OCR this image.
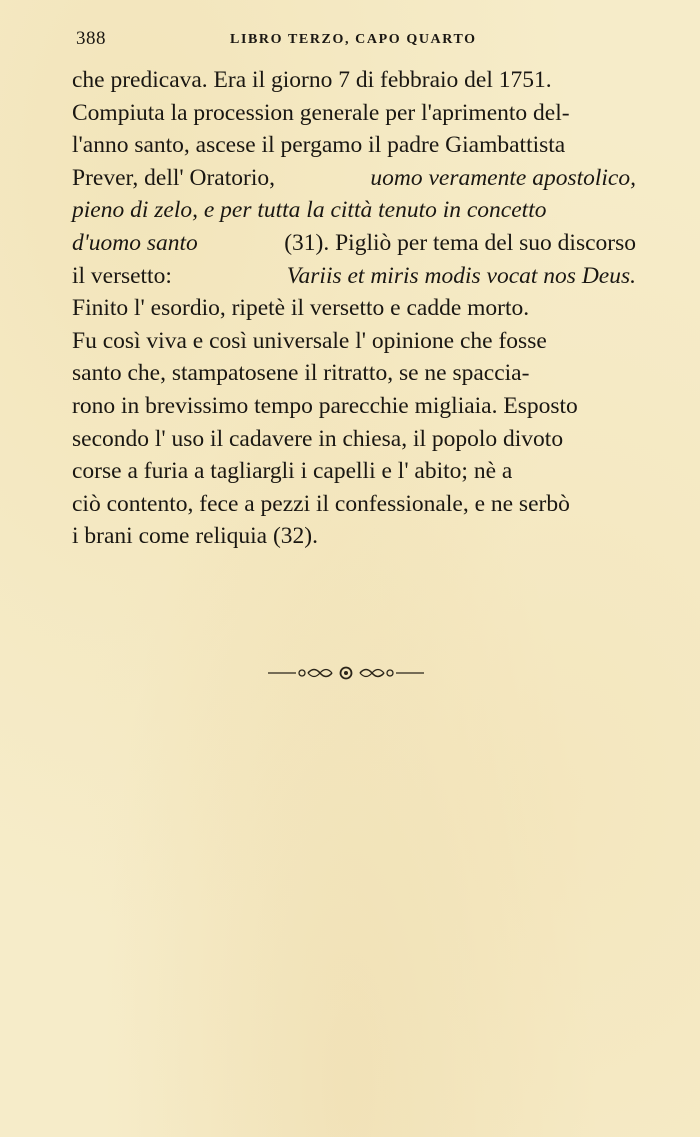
388	LIBRO TERZO, CAPO QUARTO
che predicava. Era il giorno 7 di febbraio del 1751.
Compiuta la procession generale per l'aprimento del-
l'anno santo, ascese il pergamo il padre Giambattista
Prever, dell' Oratorio,	uomo veramente apostolico,
pieno di zelo, e per tutta la città tenuto in concetto
d'uomo santo	(31). Pigliò per tema del suo discorso
il versetto:	Variis et miris modis vocat nos Deus.
Finito l' esordio, ripetè il versetto e cadde morto.
Fu così viva e così universale l' opinione che fosse
santo che, stampatosene il ritratto, se ne spaccia-
rono in brevissimo tempo parecchie migliaia. Esposto
secondo l' uso il cadavere in chiesa, il popolo divoto
corse a furia a tagliargli i capelli e l' abito; nè a
ciò contento, fece a pezzi il confessionale, e ne serbò
i brani come reliquia (32).
